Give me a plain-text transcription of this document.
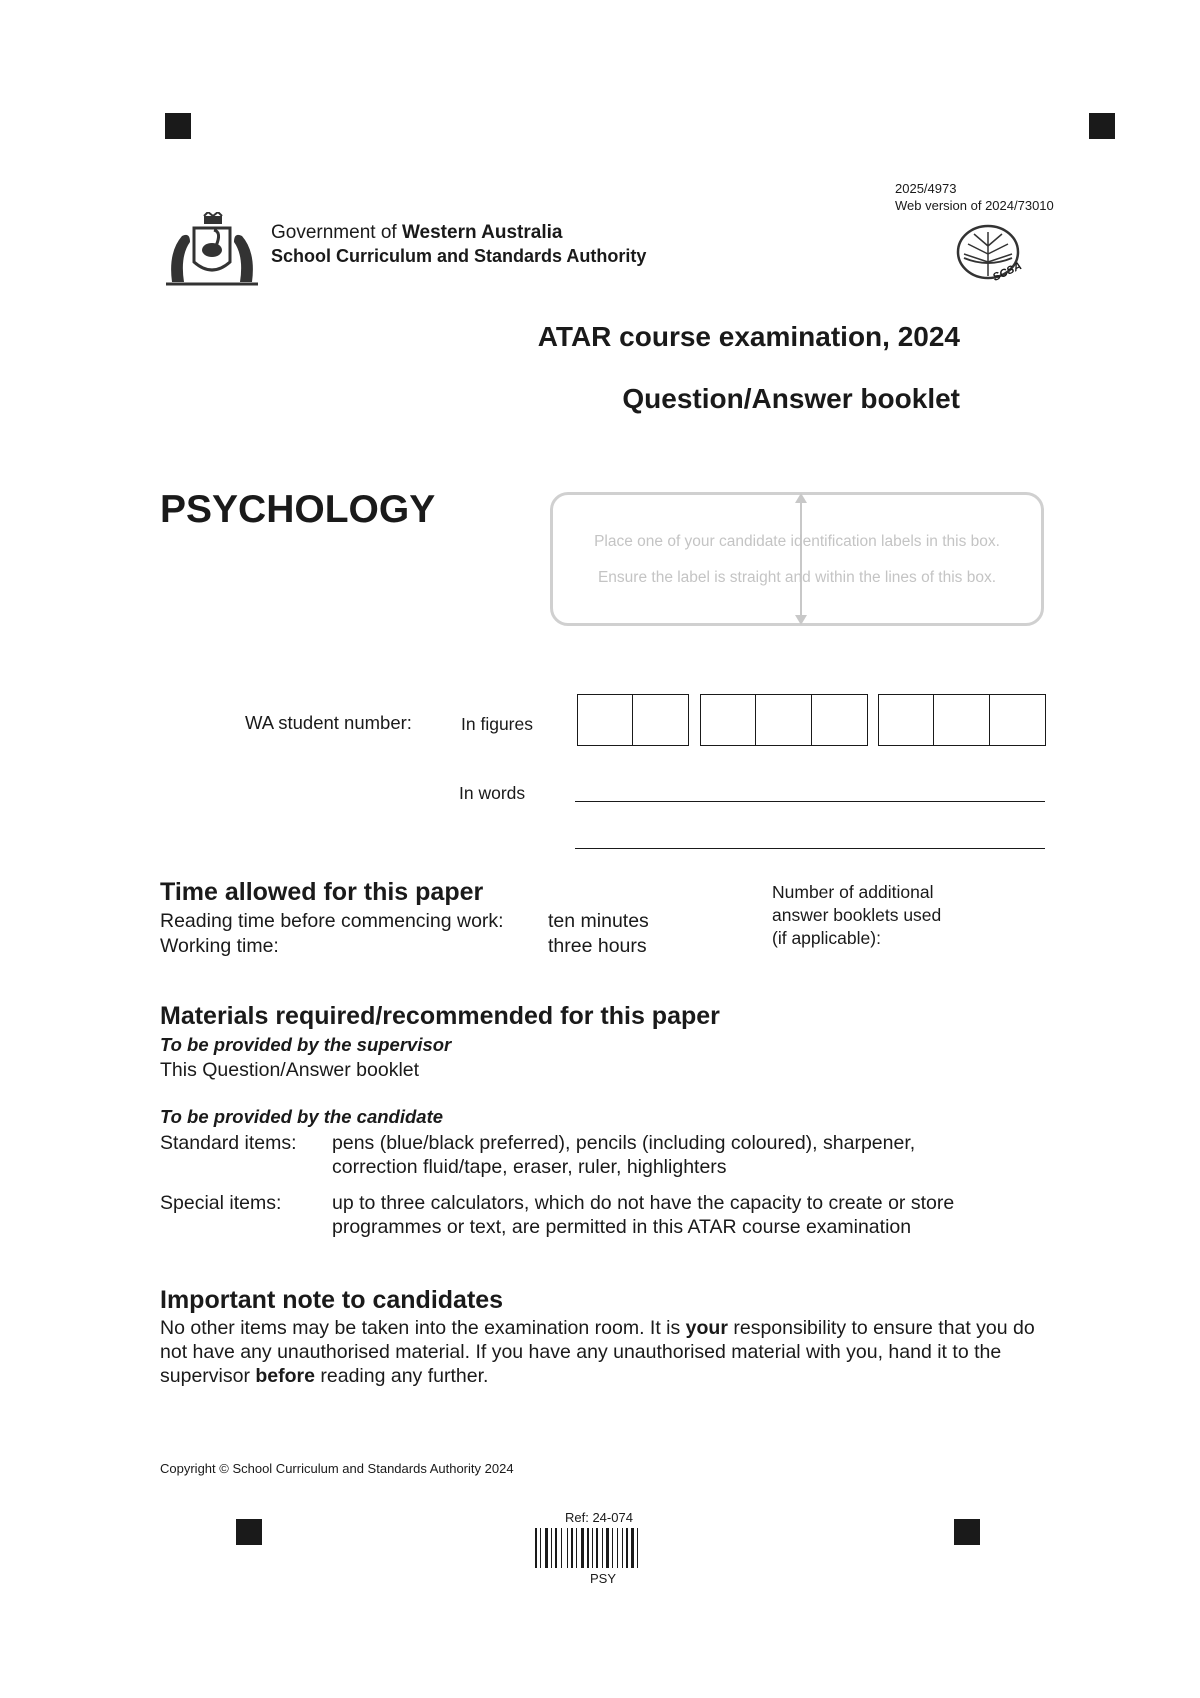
Government of Western Australia
School Curriculum and Standards Authority
2025/4973
Web version of 2024/73010
SCSA
ATAR course examination, 2024
Question/Answer booklet
PSYCHOLOGY
Place one of your candidate identification labels in this box.
Ensure the label is straight and within the lines of this box.
WA student number:	In figures
In words
Time allowed for this paper
Reading time before commencing work: ten minutes
Working time:	three hours
Number of additional
answer booklets used
(if applicable):
Materials required/recommended for this paper
To be provided by the supervisor
This Question/Answer booklet
To be provided by the candidate
Standard items: pens (blue/black preferred), pencils (including coloured), sharpener,
correction fluid/tape, eraser, ruler, highlighters
Special items:	up to three calculators, which do not have the capacity to create or store
programmes or text, are permitted in this ATAR course examination
Important note to candidates
No other items may be taken into the examination room. It is your responsibility to ensure that you do not have any unauthorised material. If you have any unauthorised material with you, hand it to the supervisor before reading any further.
Copyright © School Curriculum and Standards Authority 2024
Ref: 24-074
PSY
